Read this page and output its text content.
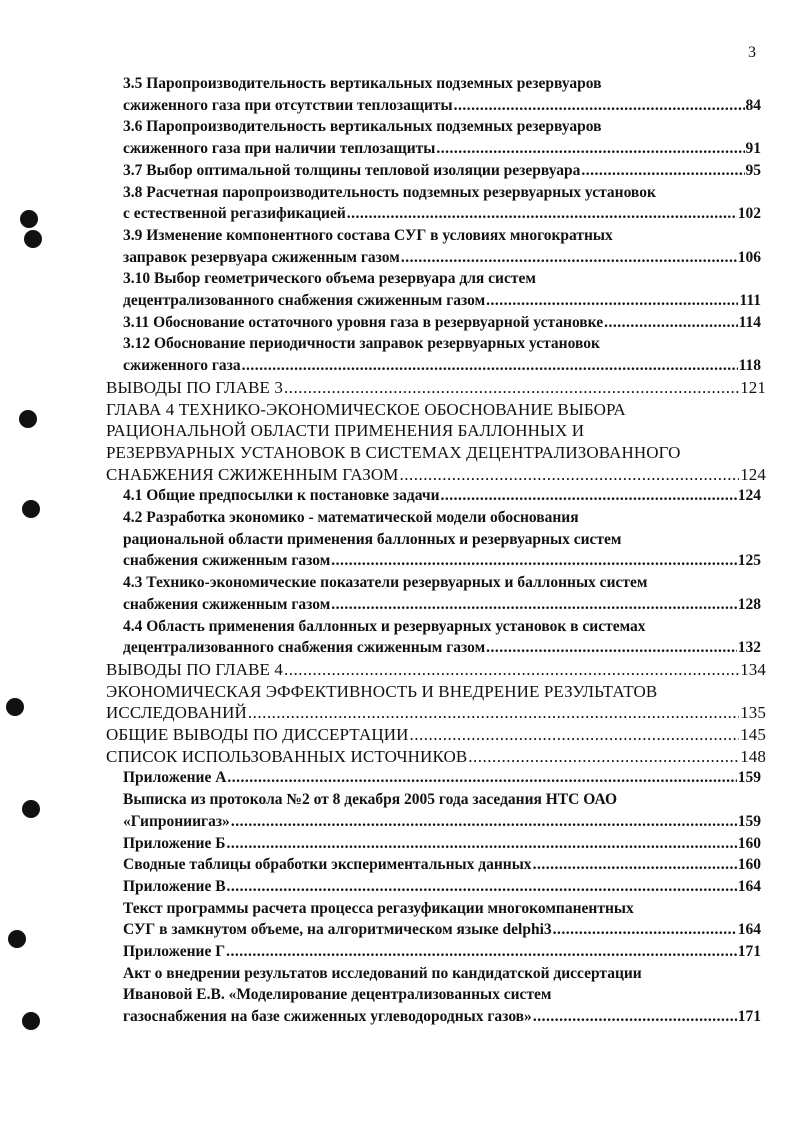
3
3.5 Паропроизводительность вертикальных подземных резервуаров
сжиженного газа при отсутствии теплозащиты .....	84
3.6 Паропроизводительность вертикальных подземных резервуаров
сжиженного газа при наличии теплозащиты .....	91
3.7 Выбор оптимальной толщины тепловой изоляции резервуара .....	95
3.8 Расчетная паропроизводительность подземных резервуарных установок
с естественной регазификацией .....	102
3.9 Изменение компонентного состава СУГ в условиях многократных
заправок резервуара сжиженным газом .....	106
3.10 Выбор геометрического объема резервуара для систем
децентрализованного снабжения сжиженным газом .....	111
3.11 Обоснование остаточного уровня газа в резервуарной установке .....	114
3.12 Обоснование периодичности заправок резервуарных установок
сжиженного газа .....	118
ВЫВОДЫ ПО ГЛАВЕ 3 .....	121
ГЛАВА 4 ТЕХНИКО-ЭКОНОМИЧЕСКОЕ ОБОСНОВАНИЕ ВЫБОРА
РАЦИОНАЛЬНОЙ ОБЛАСТИ ПРИМЕНЕНИЯ БАЛЛОННЫХ И
РЕЗЕРВУАРНЫХ УСТАНОВОК В СИСТЕМАХ ДЕЦЕНТРАЛИЗОВАННОГО
СНАБЖЕНИЯ СЖИЖЕННЫМ ГАЗОМ .....	124
4.1 Общие предпосылки к постановке задачи .....	124
4.2 Разработка экономико - математической модели обоснования
рациональной области применения баллонных и резервуарных систем
снабжения сжиженным газом .....	125
4.3 Технико-экономические показатели резервуарных и баллонных систем
снабжения сжиженным газом .....	128
4.4 Область применения баллонных и резервуарных установок в системах
децентрализованного снабжения сжиженным газом .....	132
ВЫВОДЫ ПО ГЛАВЕ 4 .....	134
ЭКОНОМИЧЕСКАЯ ЭФФЕКТИВНОСТЬ И ВНЕДРЕНИЕ РЕЗУЛЬТАТОВ
ИССЛЕДОВАНИЙ .....	135
ОБЩИЕ ВЫВОДЫ ПО ДИССЕРТАЦИИ .....	145
СПИСОК ИСПОЛЬЗОВАННЫХ ИСТОЧНИКОВ .....	148
Приложение А .....	159
Выписка из протокола №2 от 8 декабря 2005 года заседания НТС ОАО
«Гипрониигаз» .....	159
Приложение Б .....	160
Сводные таблицы обработки экспериментальных данных .....	160
Приложение В .....	164
Текст программы расчета процесса регазуфикации многокомпанентных
СУГ в замкнутом объеме, на алгоритмическом языке delphi3 .....	164
Приложение Г .....	171
Акт о внедрении результатов исследований по кандидатской диссертации
Ивановой Е.В. «Моделирование децентрализованных систем
газоснабжения на базе сжиженных углеводородных газов» .....	171
